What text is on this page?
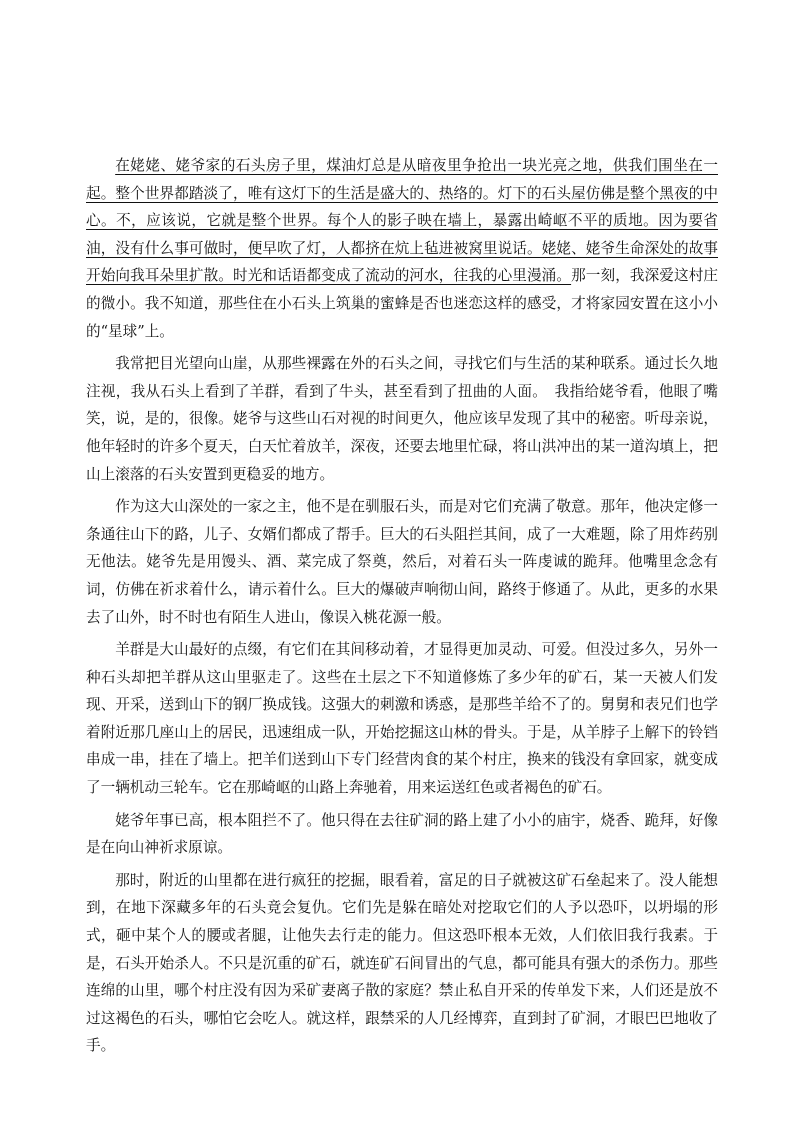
在姥姥、姥爷家的石头房子里，煤油灯总是从暗夜里争抢出一块光亮之地，供我们围坐在一起。整个世界都踏淡了，唯有这灯下的生活是盛大的、热络的。灯下的石头屋仿佛是整个黑夜的中心。不，应该说，它就是整个世界。每个人的影子映在墙上，暴露出崎岖不平的质地。因为要省油，没有什么事可做时，便早吹了灯，人都挤在炕上毡进被窝里说话。姥姥、姥爷生命深处的故事开始向我耳朵里扩散。时光和话语都变成了流动的河水，往我的心里漫涌。那一刻，我深爱这村庄的微小。我不知道，那些住在小石头上筑巢的蜜蜂是否也迷恋这样的感受，才将家园安置在这小小的“星球”上。

我常把目光望向山崖，从那些裸露在外的石头之间，寻找它们与生活的某种联系。通过长久地注视，我从石头上看到了羊群，看到了牛头，甚至看到了扭曲的人面。　我指给姥爷看，他眼了嘴笑，说，是的，很像。姥爷与这些山石对视的时间更久，他应该早发现了其中的秘密。听母亲说，他年轻时的许多个夏天，白天忙着放羊，深夜，还要去地里忙碌，将山洪冲出的某一道沟填上，把山上滚落的石头安置到更稳妥的地方。

作为这大山深处的一家之主，他不是在驯服石头，而是对它们充满了敬意。那年，他决定修一条通往山下的路，儿子、女婿们都成了帮手。巨大的石头阻拦其间，成了一大难题，除了用炸药别无他法。姥爷先是用馒头、酒、菜完成了祭奠，然后，对着石头一阵虔诚的跪拜。他嘴里念念有词，仿佛在祈求着什么，请示着什么。巨大的爆破声响彻山间，路终于修通了。从此，更多的水果去了山外，时不时也有陌生人进山，像误入桃花源一般。

羊群是大山最好的点缀，有它们在其间移动着，才显得更加灵动、可爱。但没过多久，另外一种石头却把羊群从这山里驱走了。这些在土层之下不知道修炼了多少年的矿石，某一天被人们发现、开采，送到山下的钢厂换成钱。这强大的刺激和诱惑，是那些羊给不了的。舅舅和表兄们也学着附近那几座山上的居民，迅速组成一队，开始挖掘这山林的骨头。于是，从羊脖子上解下的铃铛串成一串，挂在了墙上。把羊们送到山下专门经营肉食的某个村庄，换来的钱没有拿回家，就变成了一辆机动三轮车。它在那崎岖的山路上奔驰着，用来运送红色或者褐色的矿石。

姥爷年事已高，根本阻拦不了。他只得在去往矿洞的路上建了小小的庙宇，烧香、跪拜，好像是在向山神祈求原谅。

那时，附近的山里都在进行疯狂的挖掘，眼看着，富足的日子就被这矿石垒起来了。没人能想到，在地下深藏多年的石头竟会复仇。它们先是躲在暗处对挖取它们的人予以恐吓，以坍塌的形式，砸中某个人的腰或者腿，让他失去行走的能力。但这恐吓根本无效，人们依旧我行我素。于是，石头开始杀人。不只是沉重的矿石，就连矿石间冒出的气息，都可能具有强大的杀伤力。那些连绵的山里，哪个村庄没有因为采矿妻离子散的家庭？禁止私自开采的传单发下来，人们还是放不过这褐色的石头，哪怕它会吃人。就这样，跟禁采的人几经博弈，直到封了矿洞，才眼巴巴地收了手。
